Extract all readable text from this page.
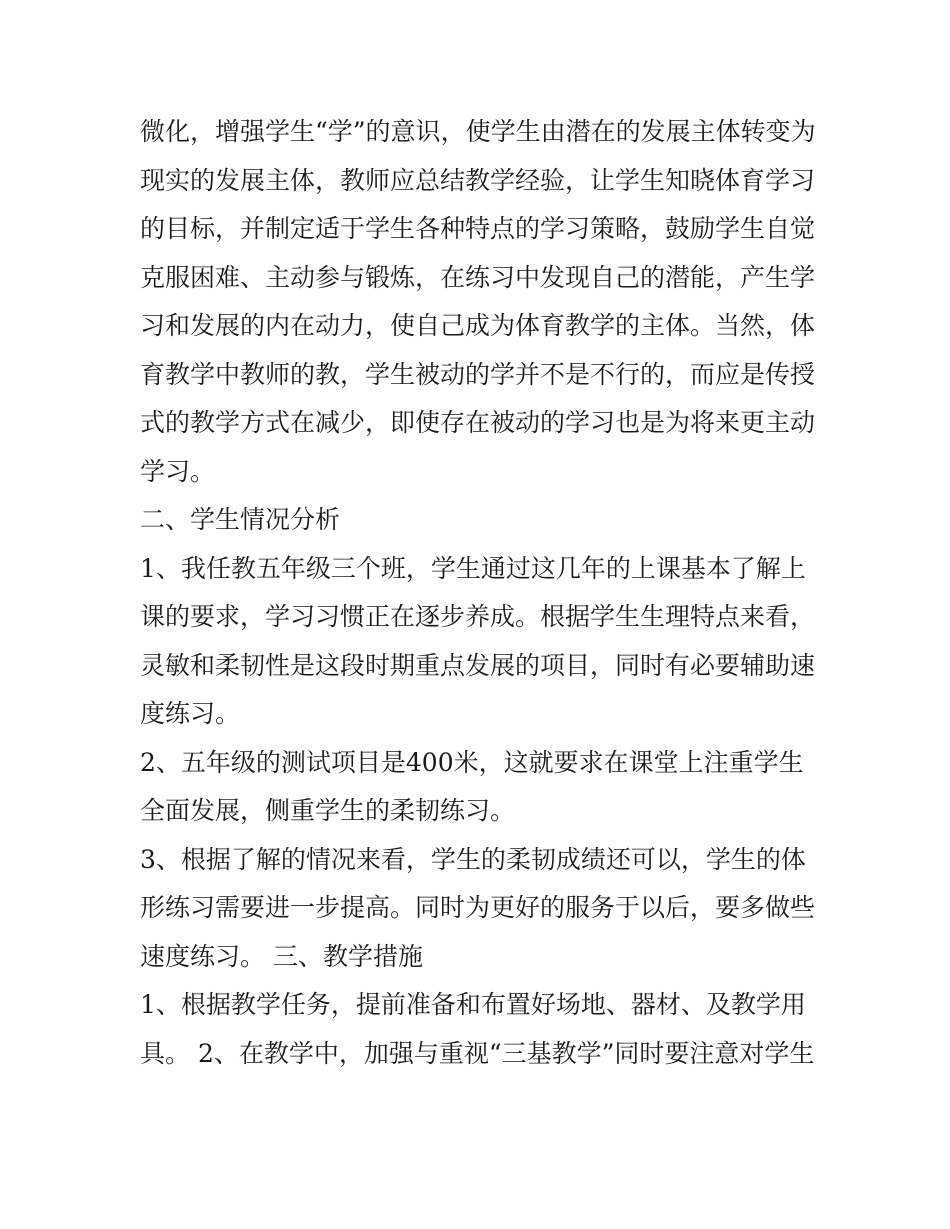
微化，增强学生“学”的意识，使学生由潜在的发展主体转变为
现实的发展主体，教师应总结教学经验，让学生知晓体育学习
的目标，并制定适于学生各种特点的学习策略，鼓励学生自觉
克服困难、主动参与锻炼，在练习中发现自己的潜能，产生学
习和发展的内在动力，使自己成为体育教学的主体。当然，体
育教学中教师的教，学生被动的学并不是不行的，而应是传授
式的教学方式在减少，即使存在被动的学习也是为将来更主动
学习。
二、学生情况分析
1、我任教五年级三个班，学生通过这几年的上课基本了解上
课的要求，学习习惯正在逐步养成。根据学生生理特点来看，
灵敏和柔韧性是这段时期重点发展的项目，同时有必要辅助速
度练习。
2、五年级的测试项目是400米，这就要求在课堂上注重学生
全面发展，侧重学生的柔韧练习。
3、根据了解的情况来看，学生的柔韧成绩还可以，学生的体
形练习需要进一步提高。同时为更好的服务于以后，要多做些
速度练习。 三、教学措施
1、根据教学任务，提前准备和布置好场地、器材、及教学用
具。 2、在教学中，加强与重视“三基教学”同时要注意对学生
